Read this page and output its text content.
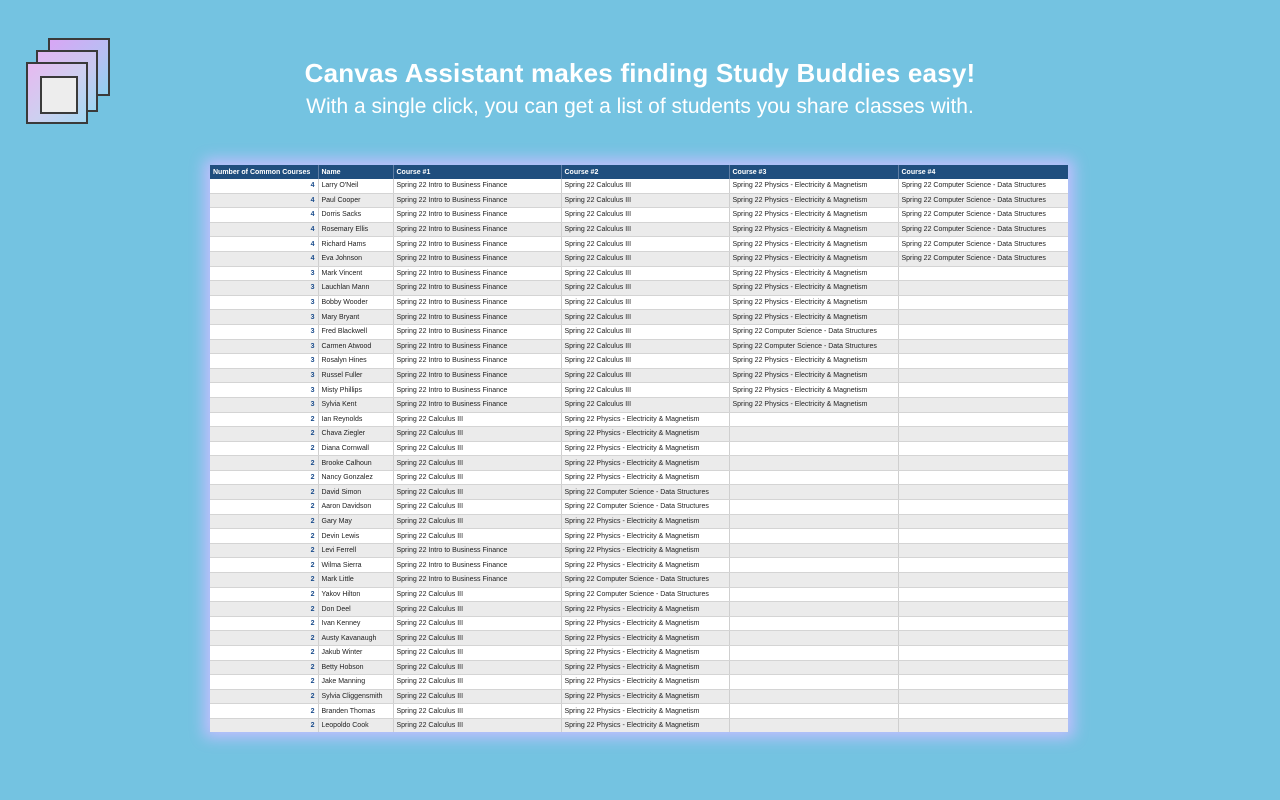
Canvas Assistant makes finding Study Buddies easy!
With a single click, you can get a list of students you share classes with.
Number of Common Courses	Name	Course #1	Course #2	Course #3	Course #4
4	Larry O'Neil	Spring 22 Intro to Business Finance	Spring 22 Calculus III	Spring 22 Physics - Electricity & Magnetism	Spring 22 Computer Science - Data Structures
4	Paul Cooper	Spring 22 Intro to Business Finance	Spring 22 Calculus III	Spring 22 Physics - Electricity & Magnetism	Spring 22 Computer Science - Data Structures
4	Dorris Sacks	Spring 22 Intro to Business Finance	Spring 22 Calculus III	Spring 22 Physics - Electricity & Magnetism	Spring 22 Computer Science - Data Structures
4	Rosemary Ellis	Spring 22 Intro to Business Finance	Spring 22 Calculus III	Spring 22 Physics - Electricity & Magnetism	Spring 22 Computer Science - Data Structures
4	Richard Hams	Spring 22 Intro to Business Finance	Spring 22 Calculus III	Spring 22 Physics - Electricity & Magnetism	Spring 22 Computer Science - Data Structures
4	Eva Johnson	Spring 22 Intro to Business Finance	Spring 22 Calculus III	Spring 22 Physics - Electricity & Magnetism	Spring 22 Computer Science - Data Structures
3	Mark Vincent	Spring 22 Intro to Business Finance	Spring 22 Calculus III	Spring 22 Physics - Electricity & Magnetism	
3	Lauchlan Mann	Spring 22 Intro to Business Finance	Spring 22 Calculus III	Spring 22 Physics - Electricity & Magnetism	
3	Bobby Wooder	Spring 22 Intro to Business Finance	Spring 22 Calculus III	Spring 22 Physics - Electricity & Magnetism	
3	Mary Bryant	Spring 22 Intro to Business Finance	Spring 22 Calculus III	Spring 22 Physics - Electricity & Magnetism	
3	Fred Blackwell	Spring 22 Intro to Business Finance	Spring 22 Calculus III	Spring 22 Computer Science - Data Structures	
3	Carmen Atwood	Spring 22 Intro to Business Finance	Spring 22 Calculus III	Spring 22 Computer Science - Data Structures	
3	Rosalyn Hines	Spring 22 Intro to Business Finance	Spring 22 Calculus III	Spring 22 Physics - Electricity & Magnetism	
3	Russel Fuller	Spring 22 Intro to Business Finance	Spring 22 Calculus III	Spring 22 Physics - Electricity & Magnetism	
3	Misty Phillips	Spring 22 Intro to Business Finance	Spring 22 Calculus III	Spring 22 Physics - Electricity & Magnetism	
3	Sylvia Kent	Spring 22 Intro to Business Finance	Spring 22 Calculus III	Spring 22 Physics - Electricity & Magnetism	
2	Ian Reynolds	Spring 22 Calculus III	Spring 22 Physics - Electricity & Magnetism		
2	Chava Ziegler	Spring 22 Calculus III	Spring 22 Physics - Electricity & Magnetism		
2	Diana Cornwall	Spring 22 Calculus III	Spring 22 Physics - Electricity & Magnetism		
2	Brooke Calhoun	Spring 22 Calculus III	Spring 22 Physics - Electricity & Magnetism		
2	Nancy Gonzalez	Spring 22 Calculus III	Spring 22 Physics - Electricity & Magnetism		
2	David Simon	Spring 22 Calculus III	Spring 22 Computer Science - Data Structures		
2	Aaron Davidson	Spring 22 Calculus III	Spring 22 Computer Science - Data Structures		
2	Gary May	Spring 22 Calculus III	Spring 22 Physics - Electricity & Magnetism		
2	Devin Lewis	Spring 22 Calculus III	Spring 22 Physics - Electricity & Magnetism		
2	Levi Ferrell	Spring 22 Intro to Business Finance	Spring 22 Physics - Electricity & Magnetism		
2	Wilma Sierra	Spring 22 Intro to Business Finance	Spring 22 Physics - Electricity & Magnetism		
2	Mark Little	Spring 22 Intro to Business Finance	Spring 22 Computer Science - Data Structures		
2	Yakov Hilton	Spring 22 Calculus III	Spring 22 Computer Science - Data Structures		
2	Don Deel	Spring 22 Calculus III	Spring 22 Physics - Electricity & Magnetism		
2	Ivan Kenney	Spring 22 Calculus III	Spring 22 Physics - Electricity & Magnetism		
2	Austy Kavanaugh	Spring 22 Calculus III	Spring 22 Physics - Electricity & Magnetism		
2	Jakub Winter	Spring 22 Calculus III	Spring 22 Physics - Electricity & Magnetism		
2	Betty Hobson	Spring 22 Calculus III	Spring 22 Physics - Electricity & Magnetism		
2	Jake Manning	Spring 22 Calculus III	Spring 22 Physics - Electricity & Magnetism		
2	Sylvia Cliggensmith	Spring 22 Calculus III	Spring 22 Physics - Electricity & Magnetism		
2	Branden Thomas	Spring 22 Calculus III	Spring 22 Physics - Electricity & Magnetism		
2	Leopoldo Cook	Spring 22 Calculus III	Spring 22 Physics - Electricity & Magnetism		
